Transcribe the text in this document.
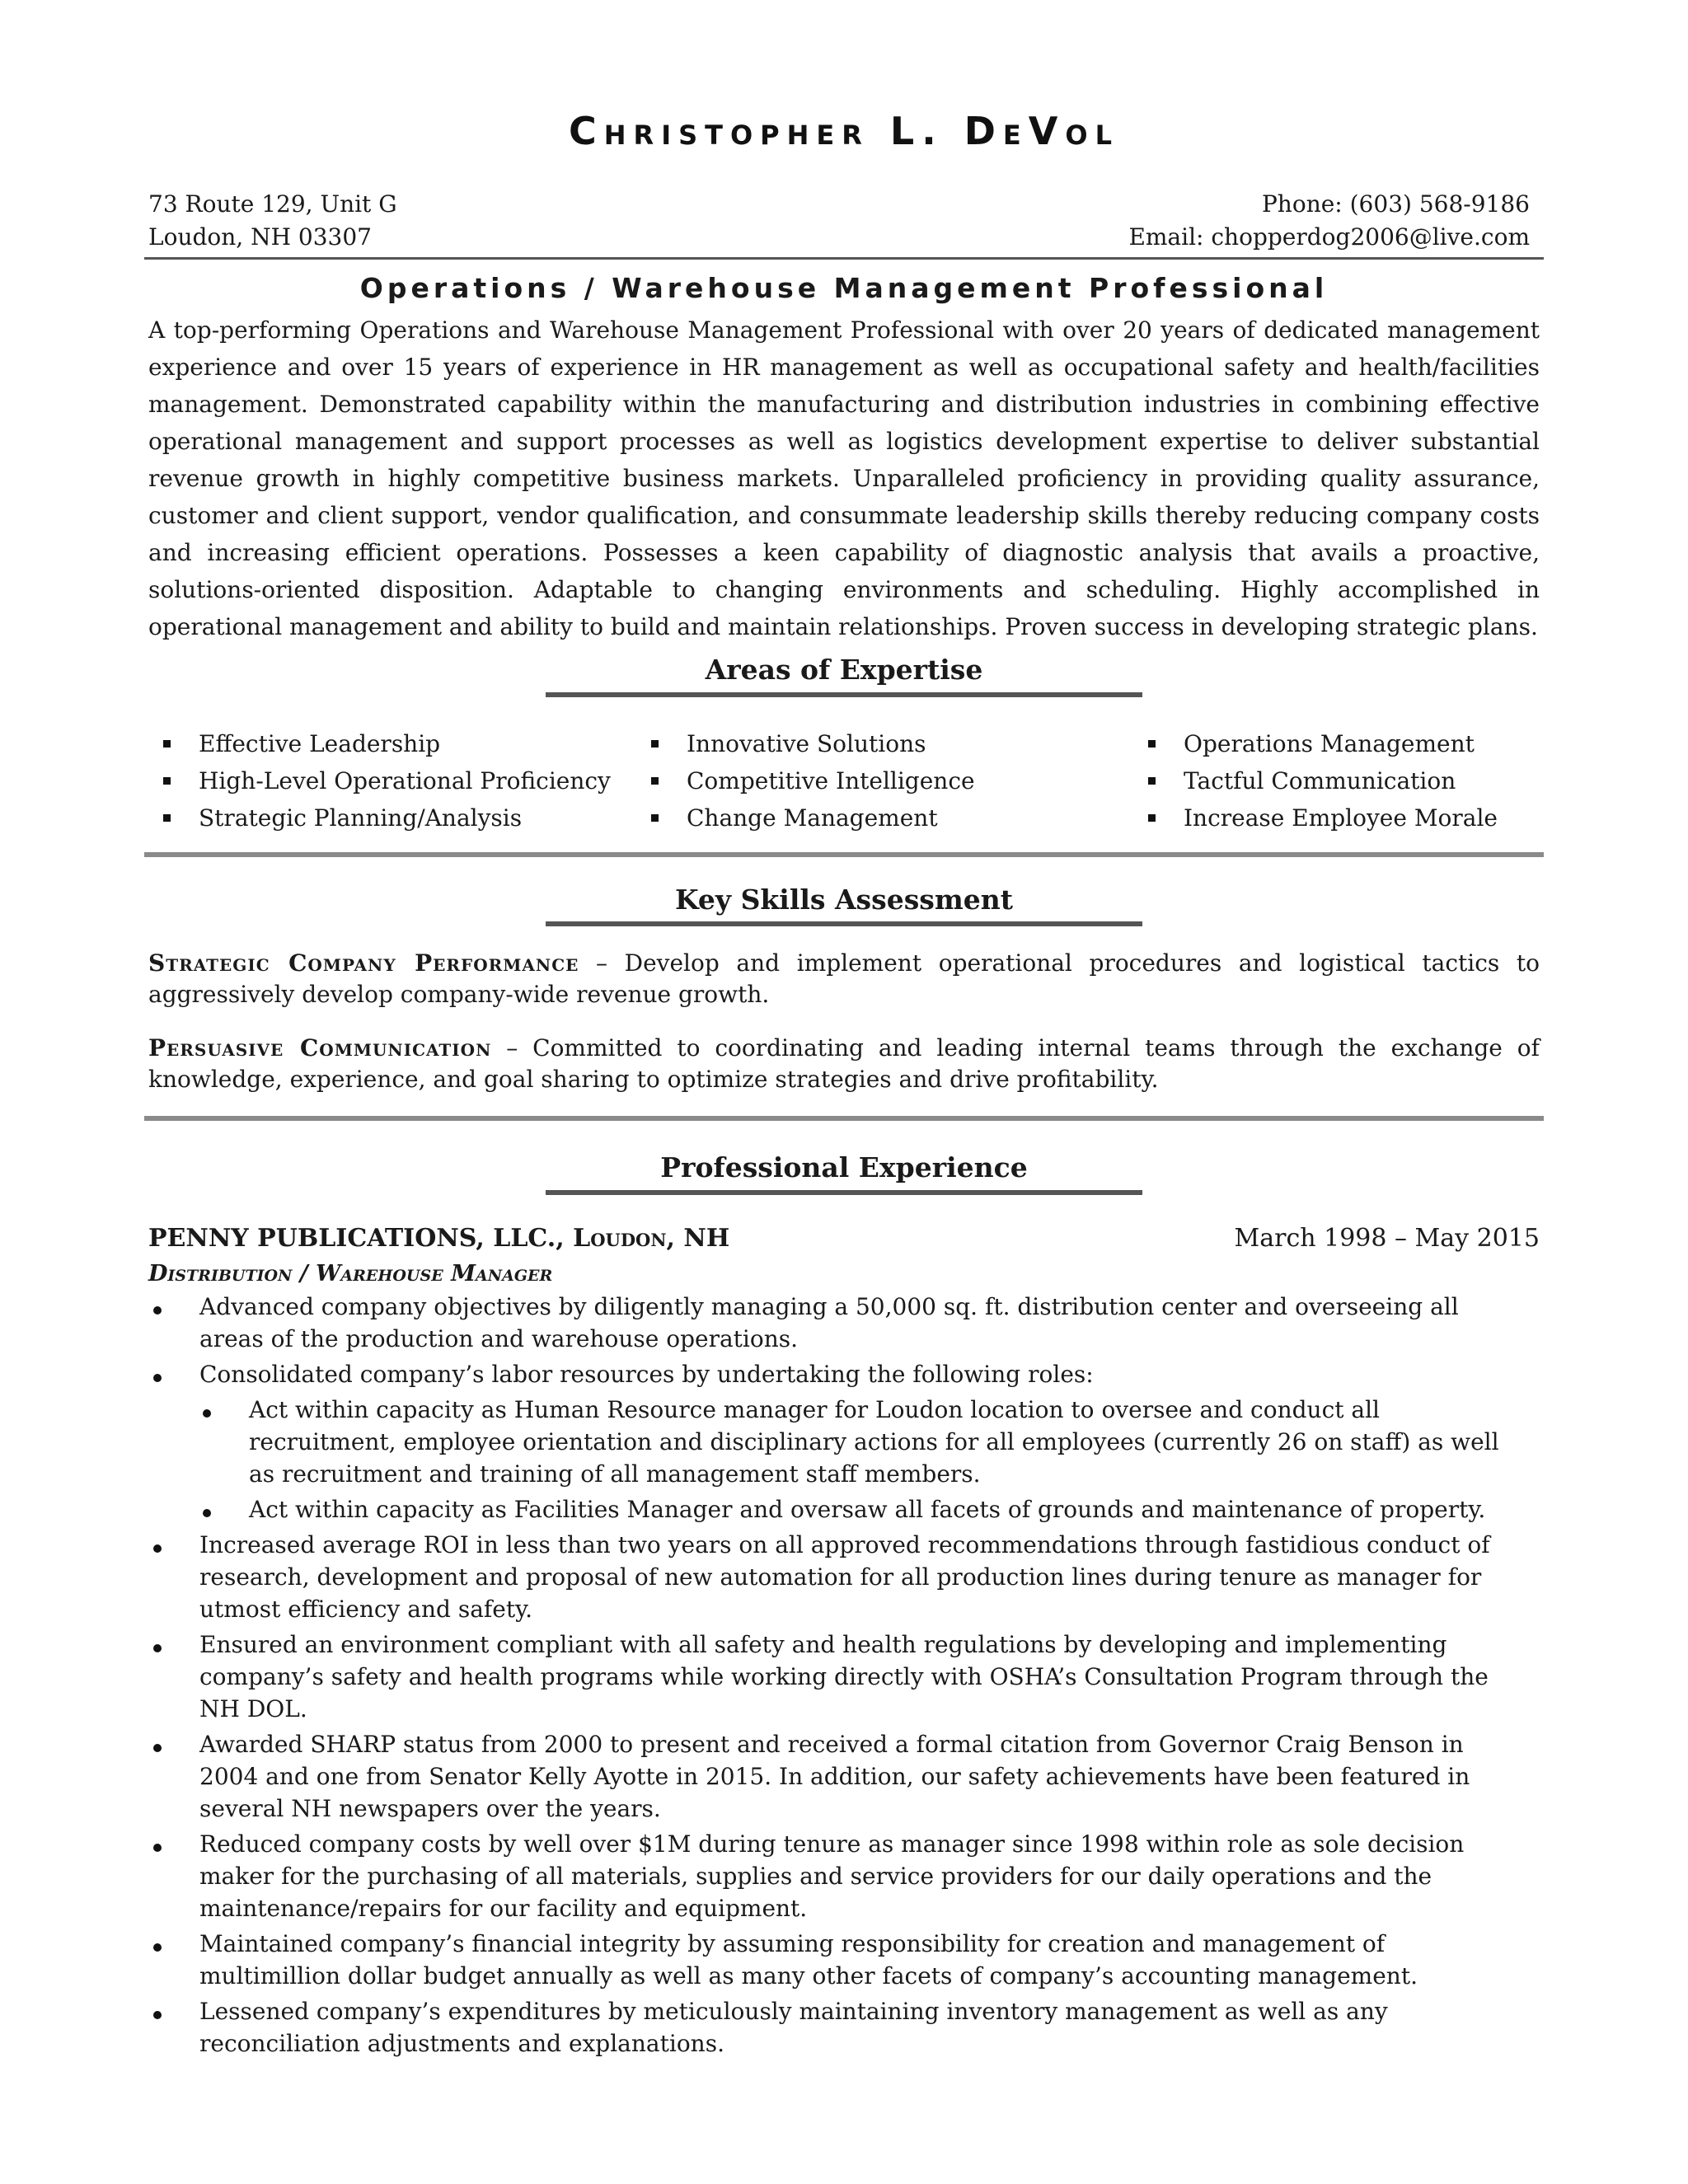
Christopher L. DeVol
73 Route 129, Unit G
Loudon, NH 03307
Phone: (603) 568-9186
Email: chopperdog2006@live.com
Operations / Warehouse Management Professional
A top-performing Operations and Warehouse Management Professional with over 20 years of dedicated management experience and over 15 years of experience in HR management as well as occupational safety and health/facilities management. Demonstrated capability within the manufacturing and distribution industries in combining effective operational management and support processes as well as logistics development expertise to deliver substantial revenue growth in highly competitive business markets. Unparalleled proficiency in providing quality assurance, customer and client support, vendor qualification, and consummate leadership skills thereby reducing company costs and increasing efficient operations. Possesses a keen capability of diagnostic analysis that avails a proactive, solutions-oriented disposition. Adaptable to changing environments and scheduling. Highly accomplished in operational management and ability to build and maintain relationships. Proven success in developing strategic plans.
Areas of Expertise
Effective Leadership
High-Level Operational Proficiency
Strategic Planning/Analysis
Innovative Solutions
Competitive Intelligence
Change Management
Operations Management
Tactful Communication
Increase Employee Morale
Key Skills Assessment
Strategic Company Performance – Develop and implement operational procedures and logistical tactics to aggressively develop company-wide revenue growth.
Persuasive Communication – Committed to coordinating and leading internal teams through the exchange of knowledge, experience, and goal sharing to optimize strategies and drive profitability.
Professional Experience
PENNY PUBLICATIONS, LLC., Loudon, NH	March 1998 – May 2015
Distribution / Warehouse Manager
Advanced company objectives by diligently managing a 50,000 sq. ft. distribution center and overseeing all areas of the production and warehouse operations.
Consolidated company’s labor resources by undertaking the following roles:
Act within capacity as Human Resource manager for Loudon location to oversee and conduct all recruitment, employee orientation and disciplinary actions for all employees (currently 26 on staff) as well as recruitment and training of all management staff members.
Act within capacity as Facilities Manager and oversaw all facets of grounds and maintenance of property.
Increased average ROI in less than two years on all approved recommendations through fastidious conduct of research, development and proposal of new automation for all production lines during tenure as manager for utmost efficiency and safety.
Ensured an environment compliant with all safety and health regulations by developing and implementing company’s safety and health programs while working directly with OSHA’s Consultation Program through the NH DOL.
Awarded SHARP status from 2000 to present and received a formal citation from Governor Craig Benson in 2004 and one from Senator Kelly Ayotte in 2015. In addition, our safety achievements have been featured in several NH newspapers over the years.
Reduced company costs by well over $1M during tenure as manager since 1998 within role as sole decision maker for the purchasing of all materials, supplies and service providers for our daily operations and the maintenance/repairs for our facility and equipment.
Maintained company’s financial integrity by assuming responsibility for creation and management of multimillion dollar budget annually as well as many other facets of company’s accounting management.
Lessened company’s expenditures by meticulously maintaining inventory management as well as any reconciliation adjustments and explanations.
